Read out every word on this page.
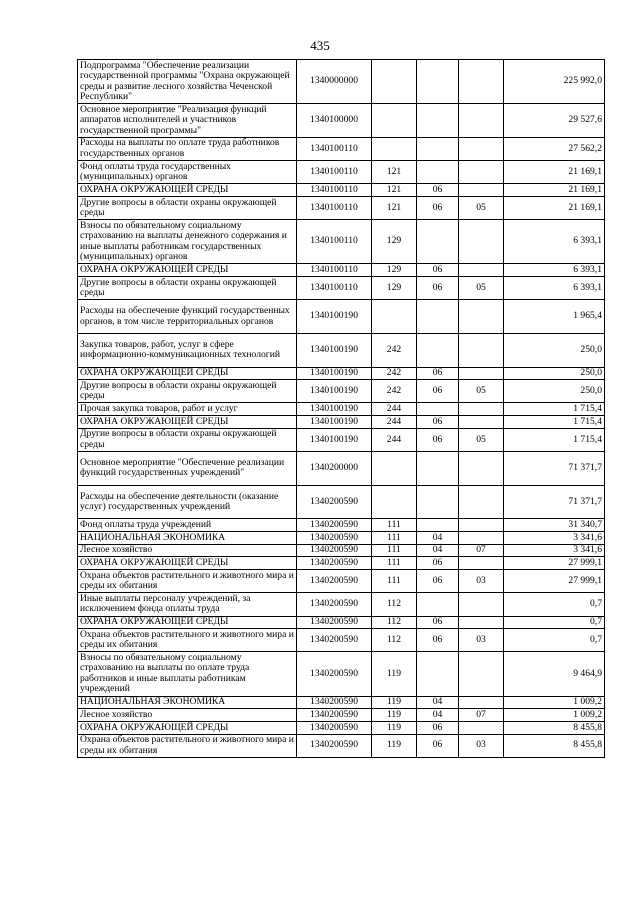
435
Подпрограмма "Обеспечение реализации государственной программы "Охрана окружающей среды и развитие лесного хозяйства Чеченской Республики"	1340000000				225 992,0
Основное мероприятие "Реализация функций аппаратов исполнителей и участников государственной программы"	1340100000				29 527,6
Расходы на выплаты по оплате труда работников государственных органов	1340100110				27 562,2
Фонд оплаты труда государственных (муниципальных) органов	1340100110	121			21 169,1
ОХРАНА ОКРУЖАЮЩЕЙ СРЕДЫ	1340100110	121	06		21 169,1
Другие вопросы в области охраны окружающей среды	1340100110	121	06	05	21 169,1
Взносы по обязательному социальному страхованию на выплаты денежного содержания и иные выплаты работникам государственных (муниципальных) органов	1340100110	129			6 393,1
ОХРАНА ОКРУЖАЮЩЕЙ СРЕДЫ	1340100110	129	06		6 393,1
Другие вопросы в области охраны окружающей среды	1340100110	129	06	05	6 393,1
Расходы на обеспечение функций государственных органов, в том числе территориальных органов	1340100190				1 965,4
Закупка товаров, работ, услуг в сфере информационно-коммуникационных технологий	1340100190	242			250,0
ОХРАНА ОКРУЖАЮЩЕЙ СРЕДЫ	1340100190	242	06		250,0
Другие вопросы в области охраны окружающей среды	1340100190	242	06	05	250,0
Прочая закупка товаров, работ и услуг	1340100190	244			1 715,4
ОХРАНА ОКРУЖАЮЩЕЙ СРЕДЫ	1340100190	244	06		1 715,4
Другие вопросы в области охраны окружающей среды	1340100190	244	06	05	1 715,4
Основное мероприятие "Обеспечение реализации функций государственных учреждений"	1340200000				71 371,7
Расходы на обеспечение деятельности (оказание услуг) государственных учреждений	1340200590				71 371,7
Фонд оплаты труда учреждений	1340200590	111			31 340,7
НАЦИОНАЛЬНАЯ ЭКОНОМИКА	1340200590	111	04		3 341,6
Лесное хозяйство	1340200590	111	04	07	3 341,6
ОХРАНА ОКРУЖАЮЩЕЙ СРЕДЫ	1340200590	111	06		27 999,1
Охрана объектов растительного и животного мира и среды их обитания	1340200590	111	06	03	27 999,1
Иные выплаты персоналу учреждений, за исключением фонда оплаты труда	1340200590	112			0,7
ОХРАНА ОКРУЖАЮЩЕЙ СРЕДЫ	1340200590	112	06		0,7
Охрана объектов растительного и животного мира и среды их обитания	1340200590	112	06	03	0,7
Взносы по обязательному социальному страхованию на выплаты по оплате труда работников и иные выплаты работникам учреждений	1340200590	119			9 464,9
НАЦИОНАЛЬНАЯ ЭКОНОМИКА	1340200590	119	04		1 009,2
Лесное хозяйство	1340200590	119	04	07	1 009,2
ОХРАНА ОКРУЖАЮЩЕЙ СРЕДЫ	1340200590	119	06		8 455,8
Охрана объектов растительного и животного мира и среды их обитания	1340200590	119	06	03	8 455,8
